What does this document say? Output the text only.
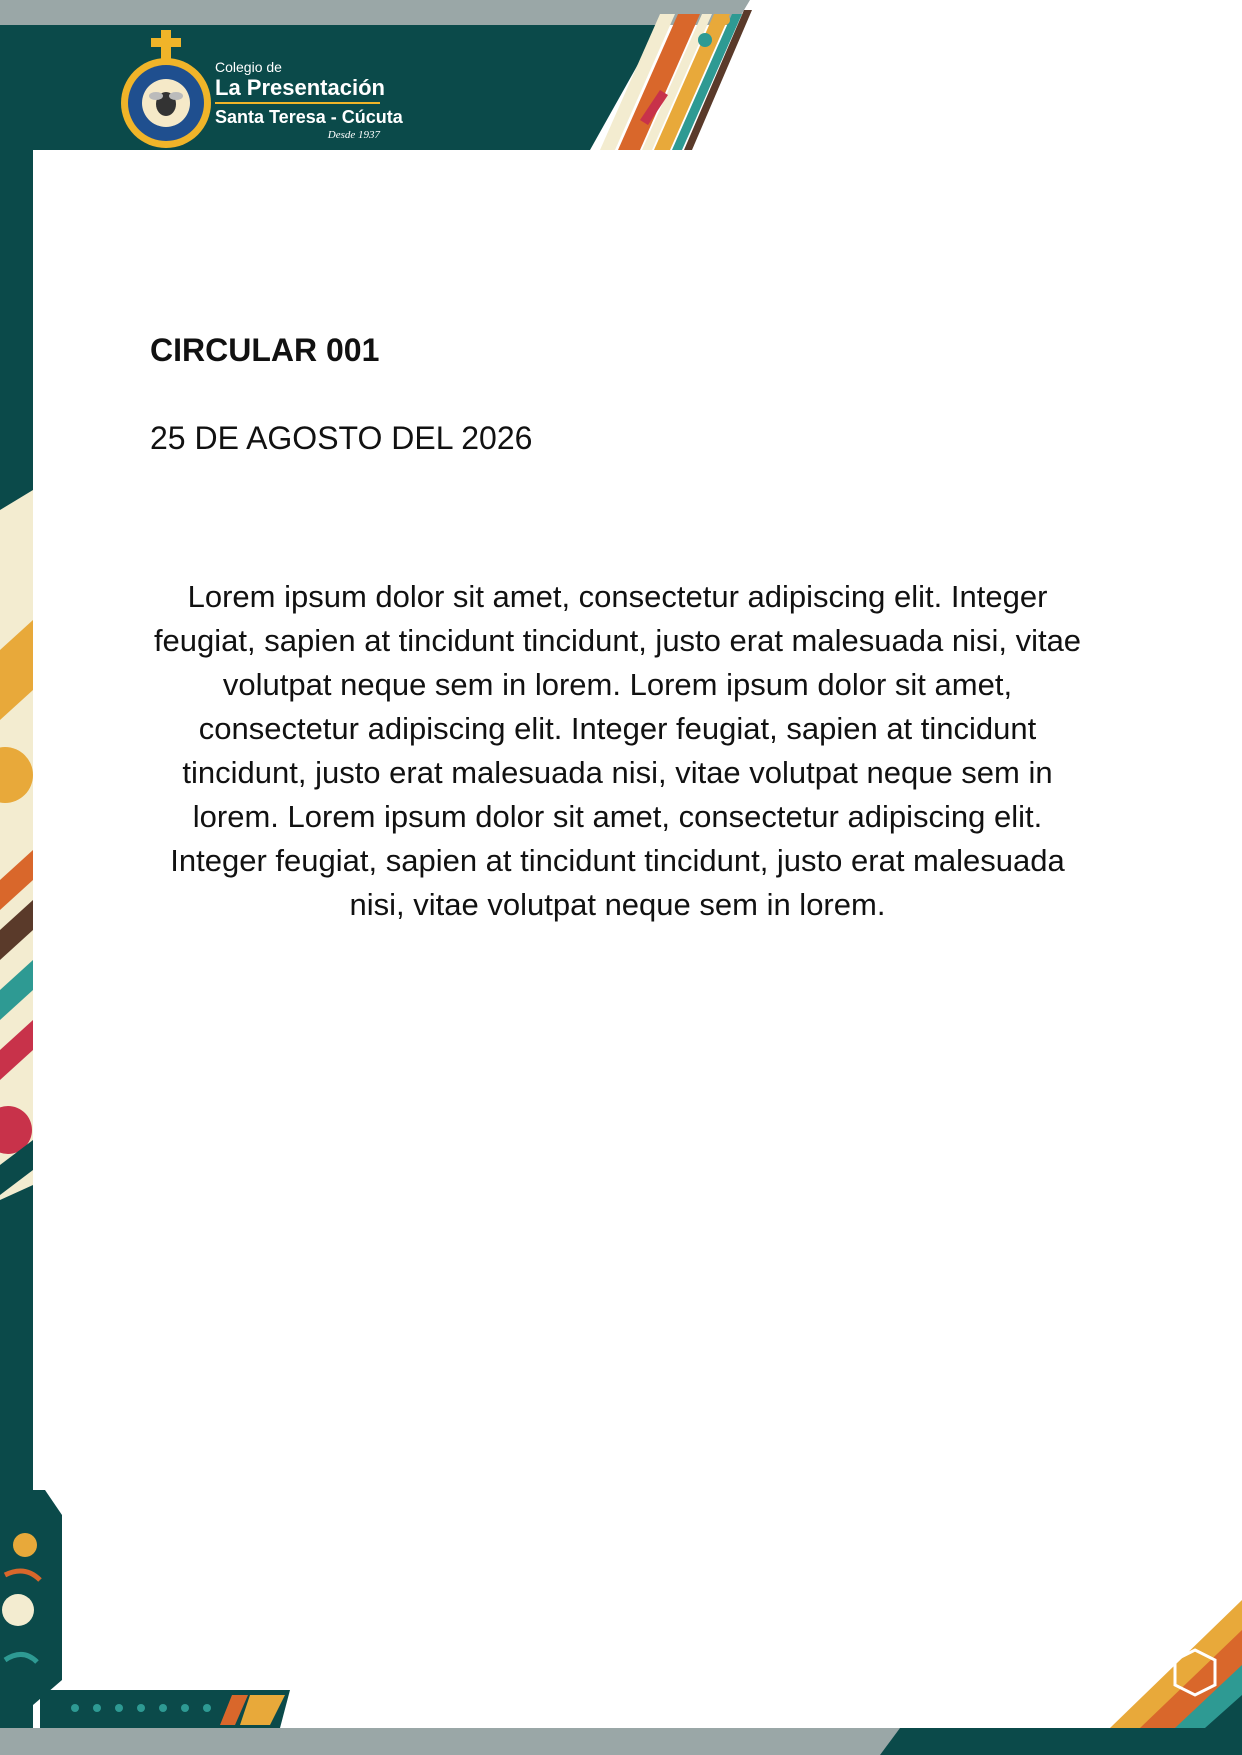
Colegio de
La Presentación
Santa Teresa - Cúcuta
Desde 1937
CIRCULAR 001

25 DE AGOSTO DEL 2026

Lorem ipsum dolor sit amet, consectetur adipiscing elit. Integer feugiat, sapien at tincidunt tincidunt, justo erat malesuada nisi, vitae volutpat neque sem in lorem. Lorem ipsum dolor sit amet, consectetur adipiscing elit. Integer feugiat, sapien at tincidunt tincidunt, justo erat malesuada nisi, vitae volutpat neque sem in lorem. Lorem ipsum dolor sit amet, consectetur adipiscing elit. Integer feugiat, sapien at tincidunt tincidunt, justo erat malesuada nisi, vitae volutpat neque sem in lorem.
